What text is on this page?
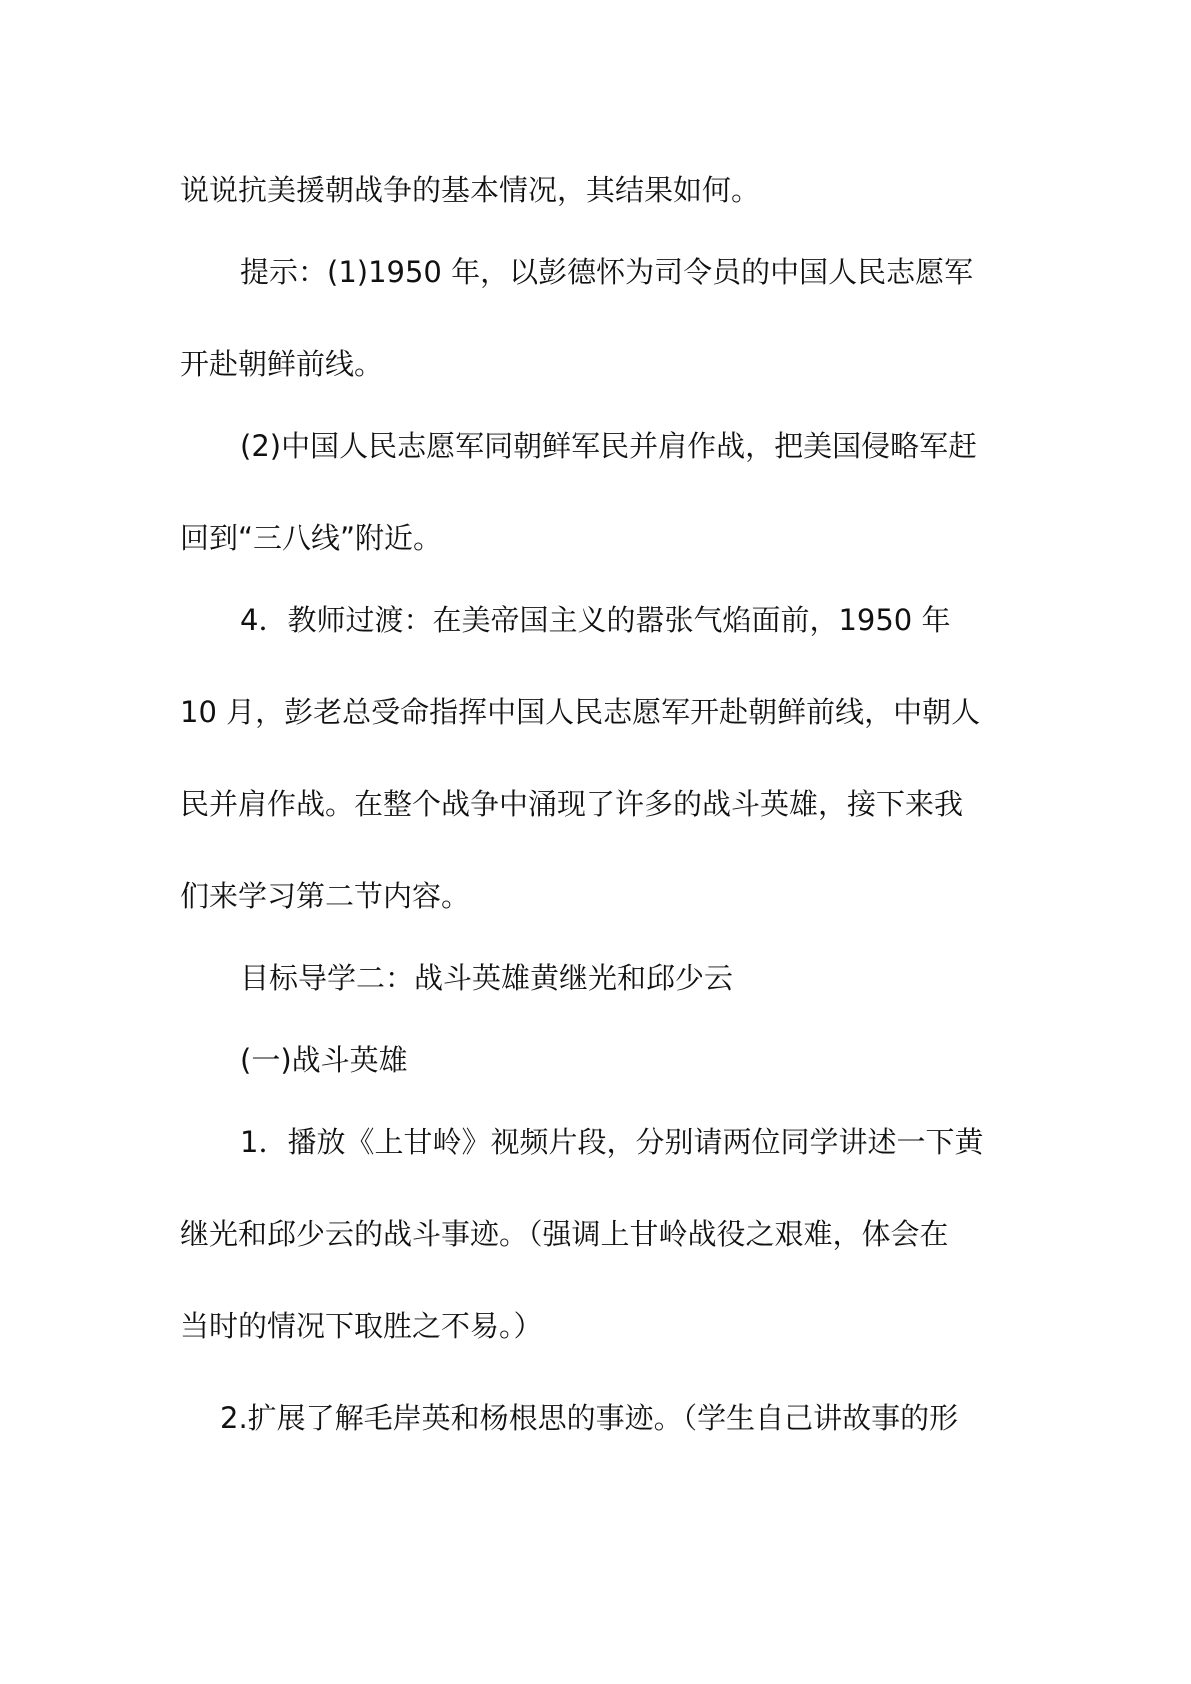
说说抗美援朝战争的基本情况，其结果如何。
提示：(1)1950 年，以彭德怀为司令员的中国人民志愿军
开赴朝鲜前线。
(2)中国人民志愿军同朝鲜军民并肩作战，把美国侵略军赶
回到“三八线”附近。
4．教师过渡：在美帝国主义的嚣张气焰面前，1950 年
10 月，彭老总受命指挥中国人民志愿军开赴朝鲜前线，中朝人
民并肩作战。在整个战争中涌现了许多的战斗英雄，接下来我
们来学习第二节内容。
目标导学二：战斗英雄黄继光和邱少云
(一)战斗英雄
1．播放《上甘岭》视频片段，分别请两位同学讲述一下黄
继光和邱少云的战斗事迹。（强调上甘岭战役之艰难，体会在
当时的情况下取胜之不易。）
2.扩展了解毛岸英和杨根思的事迹。（学生自己讲故事的形
